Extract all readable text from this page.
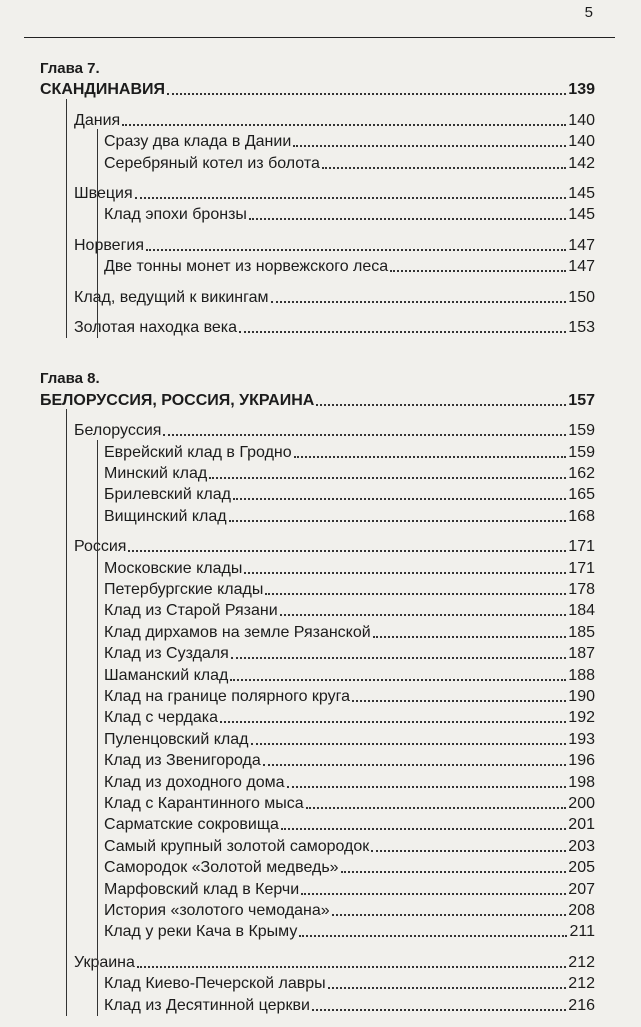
5
Глава 7.
СКАНДИНАВИЯ	139
Дания	140
Сразу два клада в Дании	140
Серебряный котел из болота	142
Швеция	145
Клад эпохи бронзы	145
Норвегия	147
Две тонны монет из норвежского леса	147
Клад, ведущий к викингам	150
Золотая находка века	153
Глава 8.
БЕЛОРУССИЯ, РОССИЯ, УКРАИНА	157
Белоруссия	159
Еврейский клад в Гродно	159
Минский клад	162
Брилевский клад	165
Вищинский клад	168
Россия	171
Московские клады	171
Петербургские клады	178
Клад из Старой Рязани	184
Клад дирхамов на земле Рязанской	185
Клад из Суздаля	187
Шаманский клад	188
Клад на границе полярного круга	190
Клад с чердака	192
Пуленцовский клад	193
Клад из Звенигорода	196
Клад из доходного дома	198
Клад с Карантинного мыса	200
Сарматские сокровища	201
Самый крупный золотой самородок	203
Самородок «Золотой медведь»	205
Марфовский клад в Керчи	207
История «золотого чемодана»	208
Клад у реки Кача в Крыму	211
Украина	212
Клад Киево-Печерской лавры	212
Клад из Десятинной церкви	216
